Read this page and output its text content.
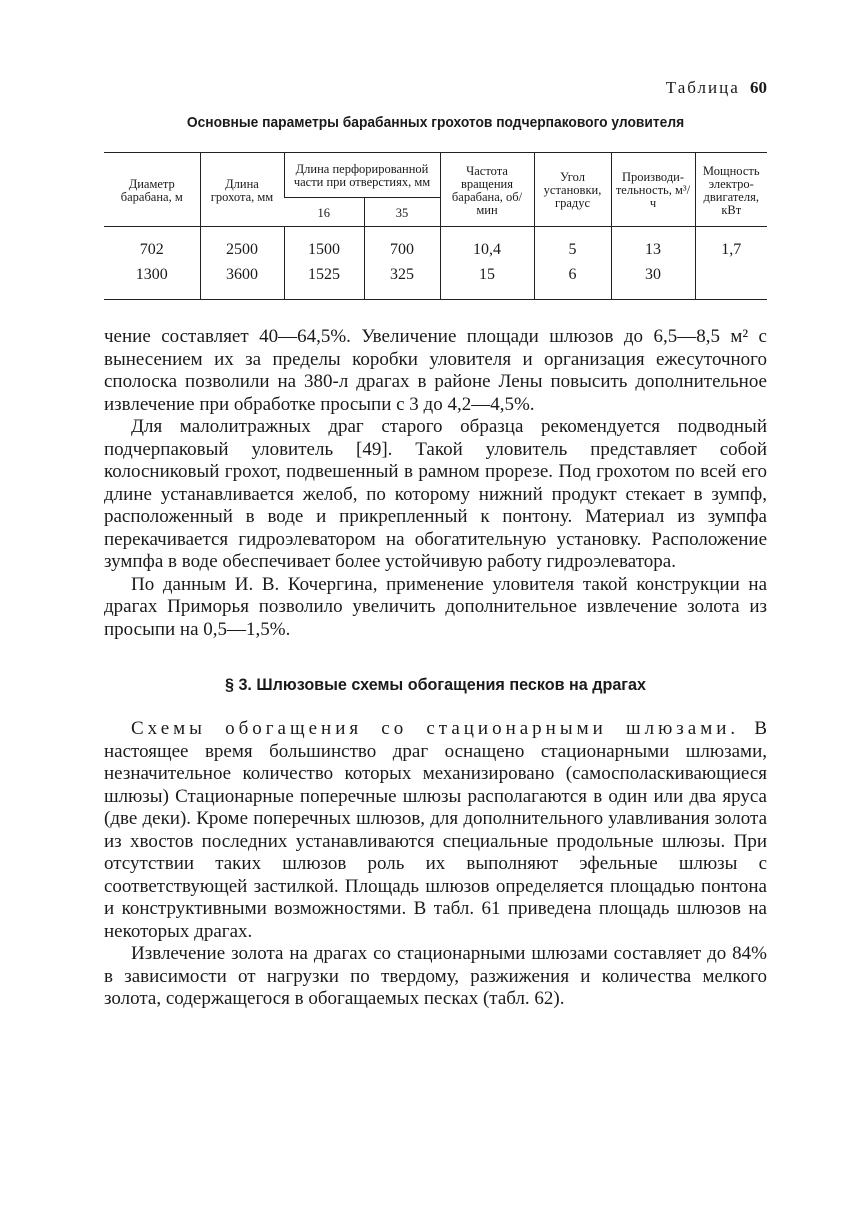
Таблица 60
Основные параметры барабанных грохотов подчерпакового уловителя
Диаметр барабана, м	Длина грохота, мм	Длина перфорированной части при отверстиях, мм		Частота вращения барабана, об/мин	Угол установки, градус	Производительность, м³/ч	Мощность электродвигателя, кВт
		16	35				
702	2500	1500	700	10,4	5	13	1,7
1300	3600	1525	325	15	6	30	

чение составляет 40—64,5%. Увеличение площади шлюзов до 6,5—8,5 м² с вынесением их за пределы коробки уловителя и организация ежесуточного сполоска позволили на 380-л драгах в районе Лены повысить дополнительное извлечение при обработке просыпи с 3 до 4,2—4,5%.

Для малолитражных драг старого образца рекомендуется подводный подчерпаковый уловитель [49]. Такой уловитель представляет собой колосниковый грохот, подвешенный в рамном прорезе. Под грохотом по всей его длине устанавливается желоб, по которому нижний продукт стекает в зумпф, расположенный в воде и прикрепленный к понтону. Материал из зумпфа перекачивается гидроэлеватором на обогатительную установку. Расположение зумпфа в воде обеспечивает более устойчивую работу гидроэлеватора.

По данным И. В. Кочергина, применение уловителя такой конструкции на драгах Приморья позволило увеличить дополнительное извлечение золота из просыпи на 0,5—1,5%.

§ 3. Шлюзовые схемы обогащения песков на драгах

Схемы обогащения со стационарными шлюзами. В настоящее время большинство драг оснащено стационарными шлюзами, незначительное количество которых механизировано (самосполаскивающиеся шлюзы) Стационарные поперечные шлюзы располагаются в один или два яруса (две деки). Кроме поперечных шлюзов, для дополнительного улавливания золота из хвостов последних устанавливаются специальные продольные шлюзы. При отсутствии таких шлюзов роль их выполняют эфельные шлюзы с соответствующей застилкой. Площадь шлюзов определяется площадью понтона и конструктивными возможностями. В табл. 61 приведена площадь шлюзов на некоторых драгах.

Извлечение золота на драгах со стационарными шлюзами составляет до 84% в зависимости от нагрузки по твердому, разжижения и количества мелкого золота, содержащегося в обогащаемых песках (табл. 62).
